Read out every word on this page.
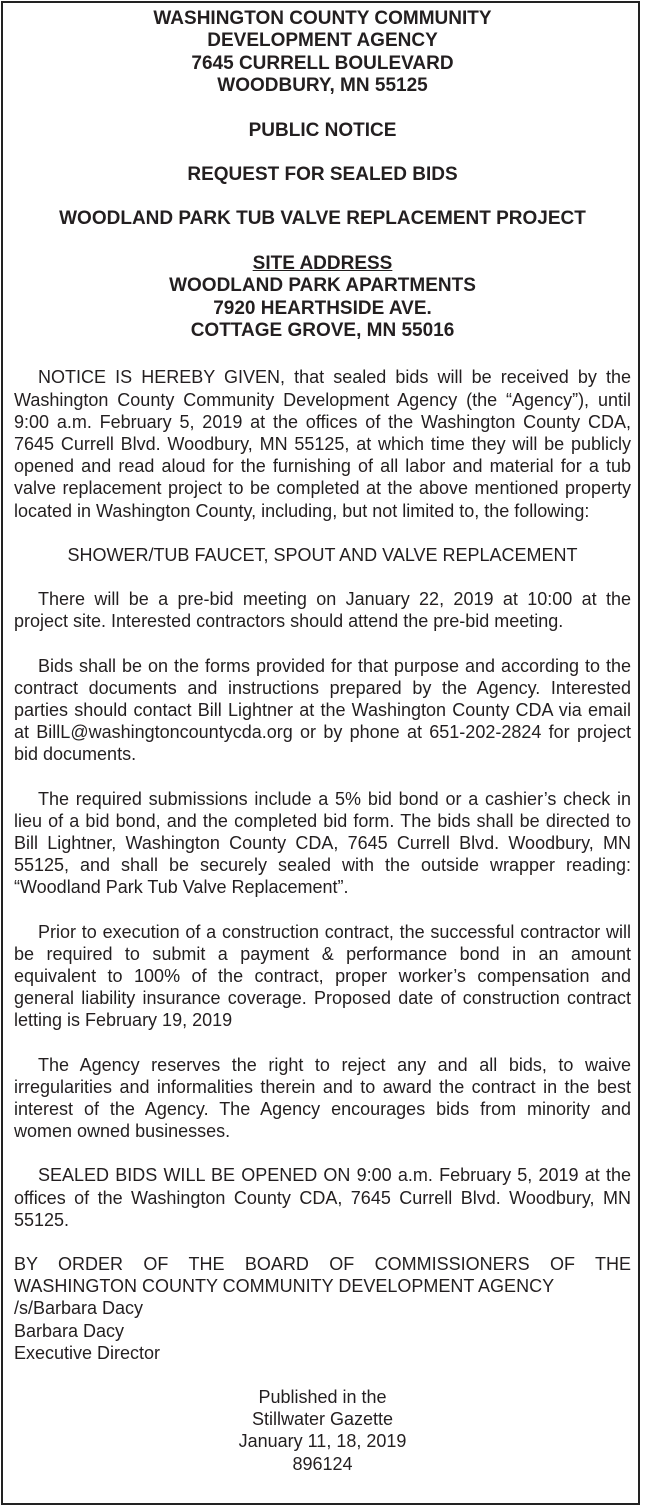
WASHINGTON COUNTY COMMUNITY
DEVELOPMENT AGENCY
7645 CURRELL BOULEVARD
WOODBURY, MN 55125
PUBLIC NOTICE
REQUEST FOR SEALED BIDS
WOODLAND PARK TUB VALVE REPLACEMENT PROJECT
SITE ADDRESS
WOODLAND PARK APARTMENTS
7920 HEARTHSIDE AVE.
COTTAGE GROVE, MN 55016

NOTICE IS HEREBY GIVEN, that sealed bids will be received by the Washington County Community Development Agency (the “Agency”), until 9:00 a.m. February 5, 2019 at the offices of the Washington County CDA, 7645 Currell Blvd. Woodbury, MN 55125, at which time they will be publicly opened and read aloud for the furnishing of all labor and material for a tub valve replacement project to be completed at the above mentioned property located in Washington County, including, but not limited to, the following:

SHOWER/TUB FAUCET, SPOUT AND VALVE REPLACEMENT

There will be a pre-bid meeting on January 22, 2019 at 10:00 at the project site. Interested contractors should attend the pre-bid meeting.

Bids shall be on the forms provided for that purpose and according to the contract documents and instructions prepared by the Agency. Interested parties should contact Bill Lightner at the Washington County CDA via email at BillL@washingtoncountycda.org or by phone at 651-202-2824 for project bid documents.

The required submissions include a 5% bid bond or a cashier’s check in lieu of a bid bond, and the completed bid form. The bids shall be directed to Bill Lightner, Washington County CDA, 7645 Currell Blvd. Woodbury, MN 55125, and shall be securely sealed with the outside wrapper reading: “Woodland Park Tub Valve Replacement”.

Prior to execution of a construction contract, the successful contractor will be required to submit a payment & performance bond in an amount equivalent to 100% of the contract, proper worker’s compensation and general liability insurance coverage. Proposed date of construction contract letting is February 19, 2019

The Agency reserves the right to reject any and all bids, to waive irregularities and informalities therein and to award the contract in the best interest of the Agency. The Agency encourages bids from minority and women owned businesses.

SEALED BIDS WILL BE OPENED ON 9:00 a.m. February 5, 2019 at the offices of the Washington County CDA, 7645 Currell Blvd. Woodbury, MN 55125.

BY ORDER OF THE BOARD OF COMMISSIONERS OF THE WASHINGTON COUNTY COMMUNITY DEVELOPMENT AGENCY
/s/Barbara Dacy
Barbara Dacy
Executive Director
Published in the
Stillwater Gazette
January 11, 18, 2019
896124
